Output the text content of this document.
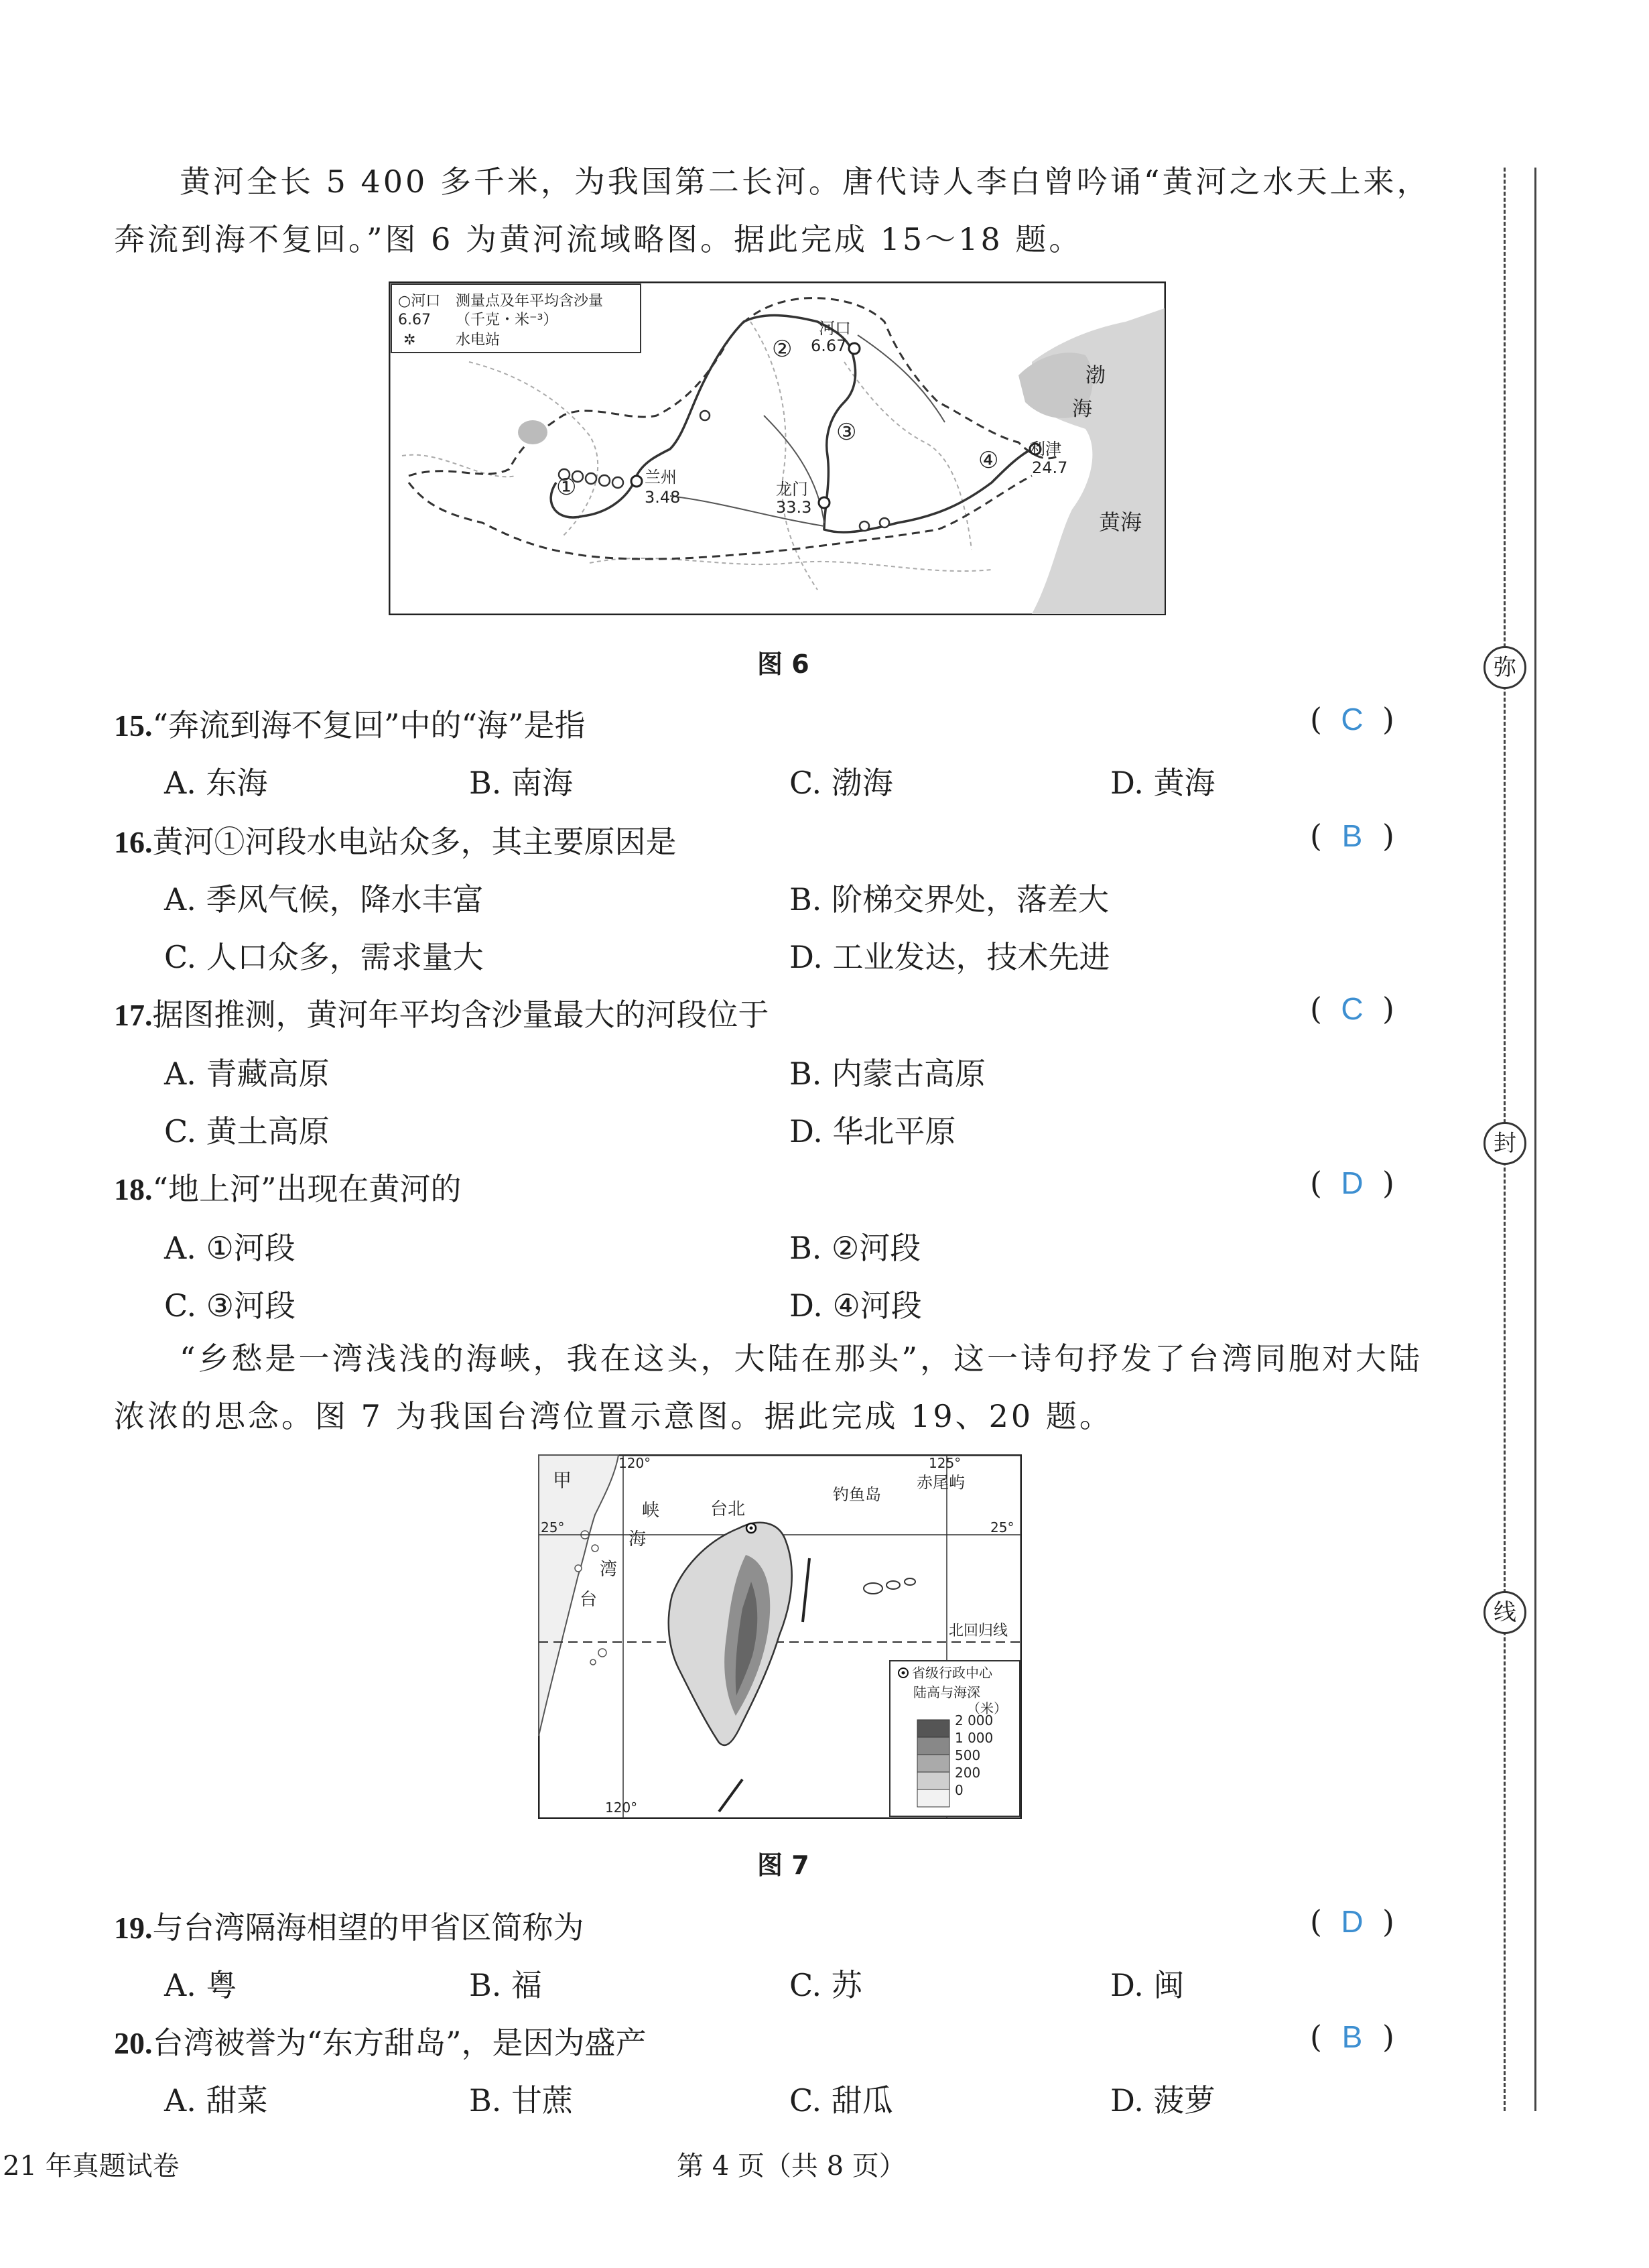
黄河全长 5 400 多千米，为我国第二长河。唐代诗人李白曾吟诵“黄河之水天上来，
奔流到海不复回。”图 6 为黄河流域略图。据此完成 15～18 题。
○河口 测量点及年平均含沙量
6.67 （千克・米⁻³）
✲	水电站
兰州
3.48
河口
6.67
龙门
33.3
利津
24.7
渤
海
黄海
①
②
③
④
图 6
15.“奔流到海不复回”中的“海”是指	( C )
A. 东海	B. 南海	C. 渤海	D. 黄海
16.黄河①河段水电站众多，其主要原因是	( B )
A. 季风气候，降水丰富	B. 阶梯交界处，落差大
C. 人口众多，需求量大	D. 工业发达，技术先进
17.据图推测，黄河年平均含沙量最大的河段位于	( C )
A. 青藏高原	B. 内蒙古高原
C. 黄土高原	D. 华北平原
18.“地上河”出现在黄河的	( D )
A. ①河段	B. ②河段
C. ③河段	D. ④河段
“乡愁是一湾浅浅的海峡，我在这头，大陆在那头”，这一诗句抒发了台湾同胞对大陆
浓浓的思念。图 7 为我国台湾位置示意图。据此完成 19、20 题。
甲
120°	125°
120°
25°	25°
台
湾
海
峡	台北
钓鱼岛
赤尾屿
北回归线
省级行政中心
陆高与海深
（米）
2 000
1 000
500
200
0
图 7
19.与台湾隔海相望的甲省区简称为	( D )
A. 粤	B. 福	C. 苏	D. 闽
20.台湾被誉为“东方甜岛”，是因为盛产	( B )
A. 甜菜	B. 甘蔗	C. 甜瓜	D. 菠萝
弥
封
线
21 年真题试卷	第 4 页（共 8 页）
